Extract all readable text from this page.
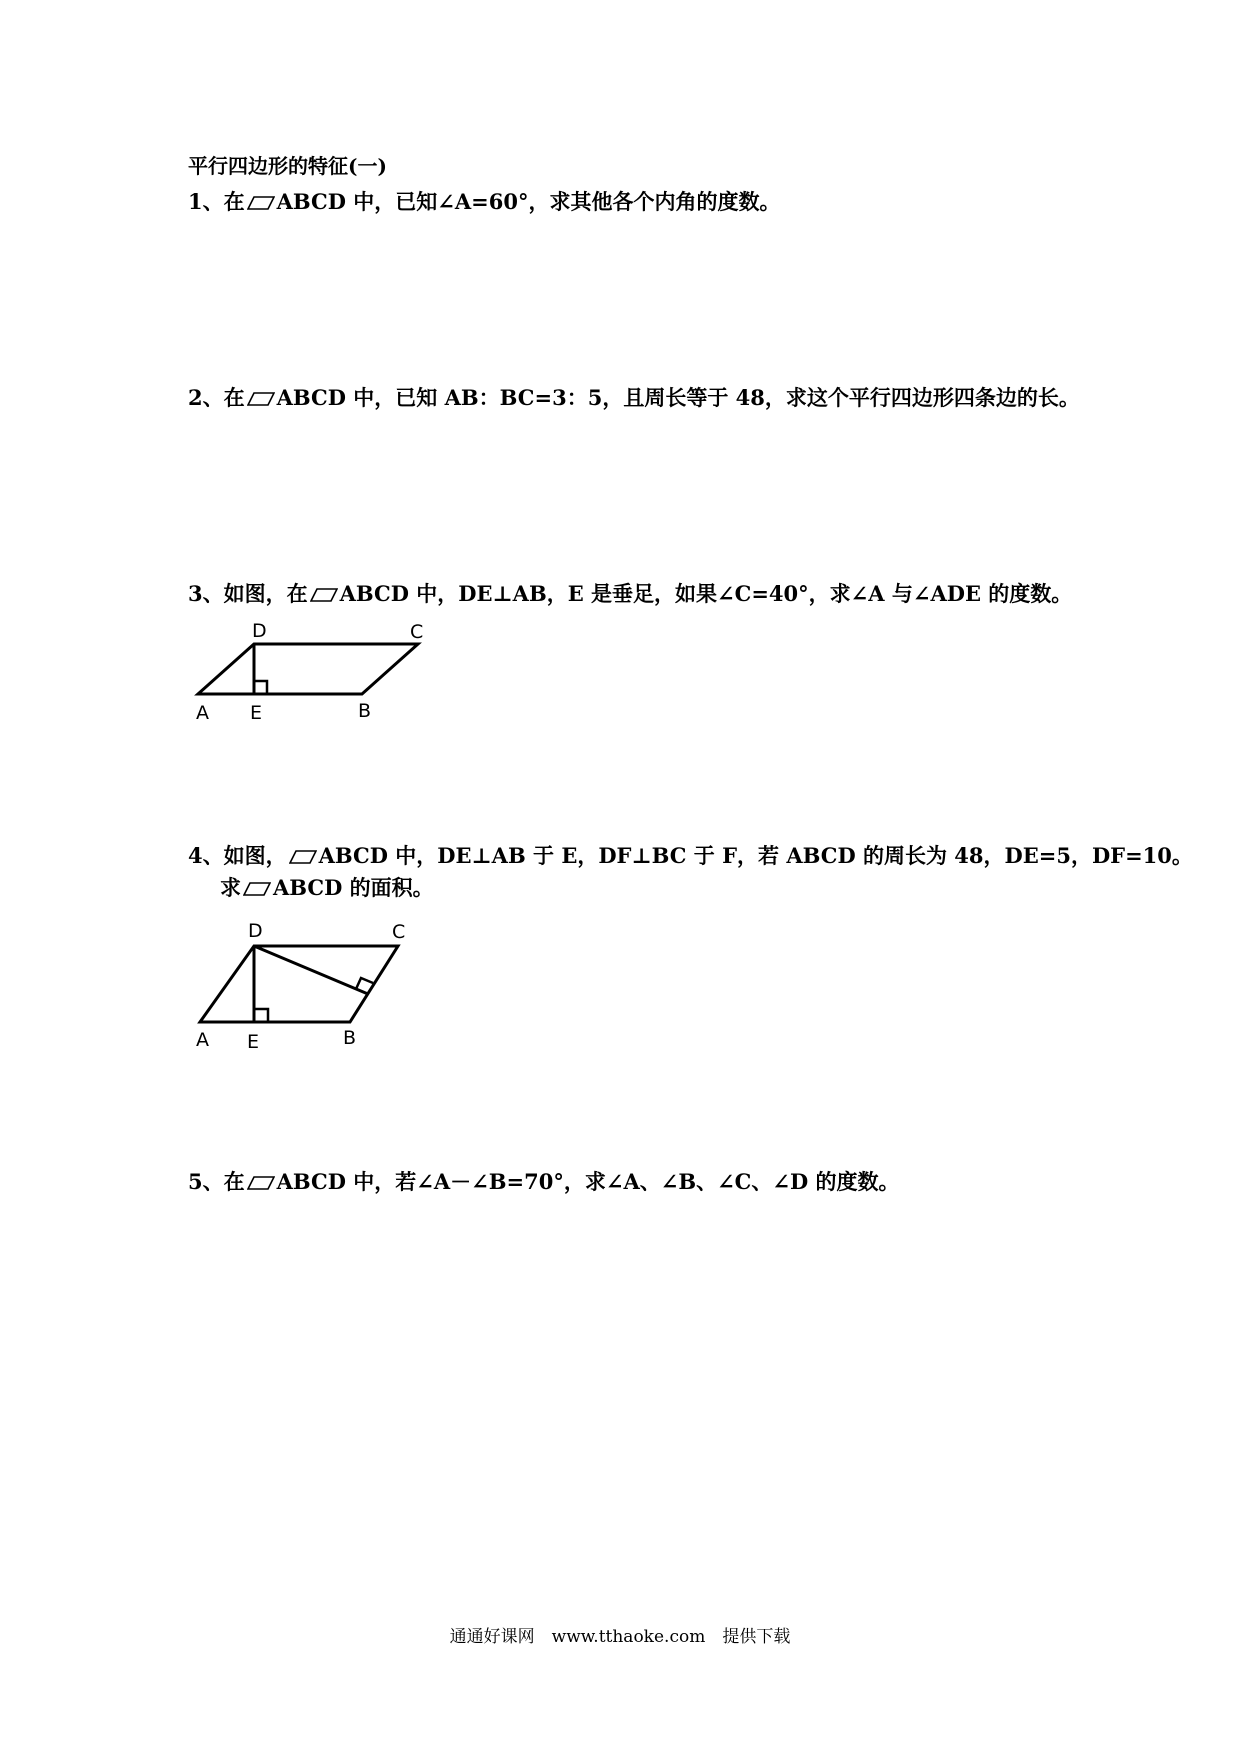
平行四边形的特征(一)
1、在 ABCD 中，已知∠A=60°，求其他各个内角的度数。
2、在 ABCD 中，已知 AB：BC=3：5，且周长等于 48，求这个平行四边形四条边的长。
3、如图，在 ABCD 中，DE⊥AB，E 是垂足，如果∠C=40°，求∠A 与∠ADE 的度数。
D	C
A E	B
4、如图， ABCD 中，DE⊥AB 于 E，DF⊥BC 于 F，若 ABCD 的周长为 48，DE=5，DF=10。
求 ABCD 的面积。
D	C
A E	B
5、在 ABCD 中，若∠A－∠B=70°，求∠A、∠B、∠C、∠D 的度数。
通通好课网　www.tthaoke.com　提供下载
